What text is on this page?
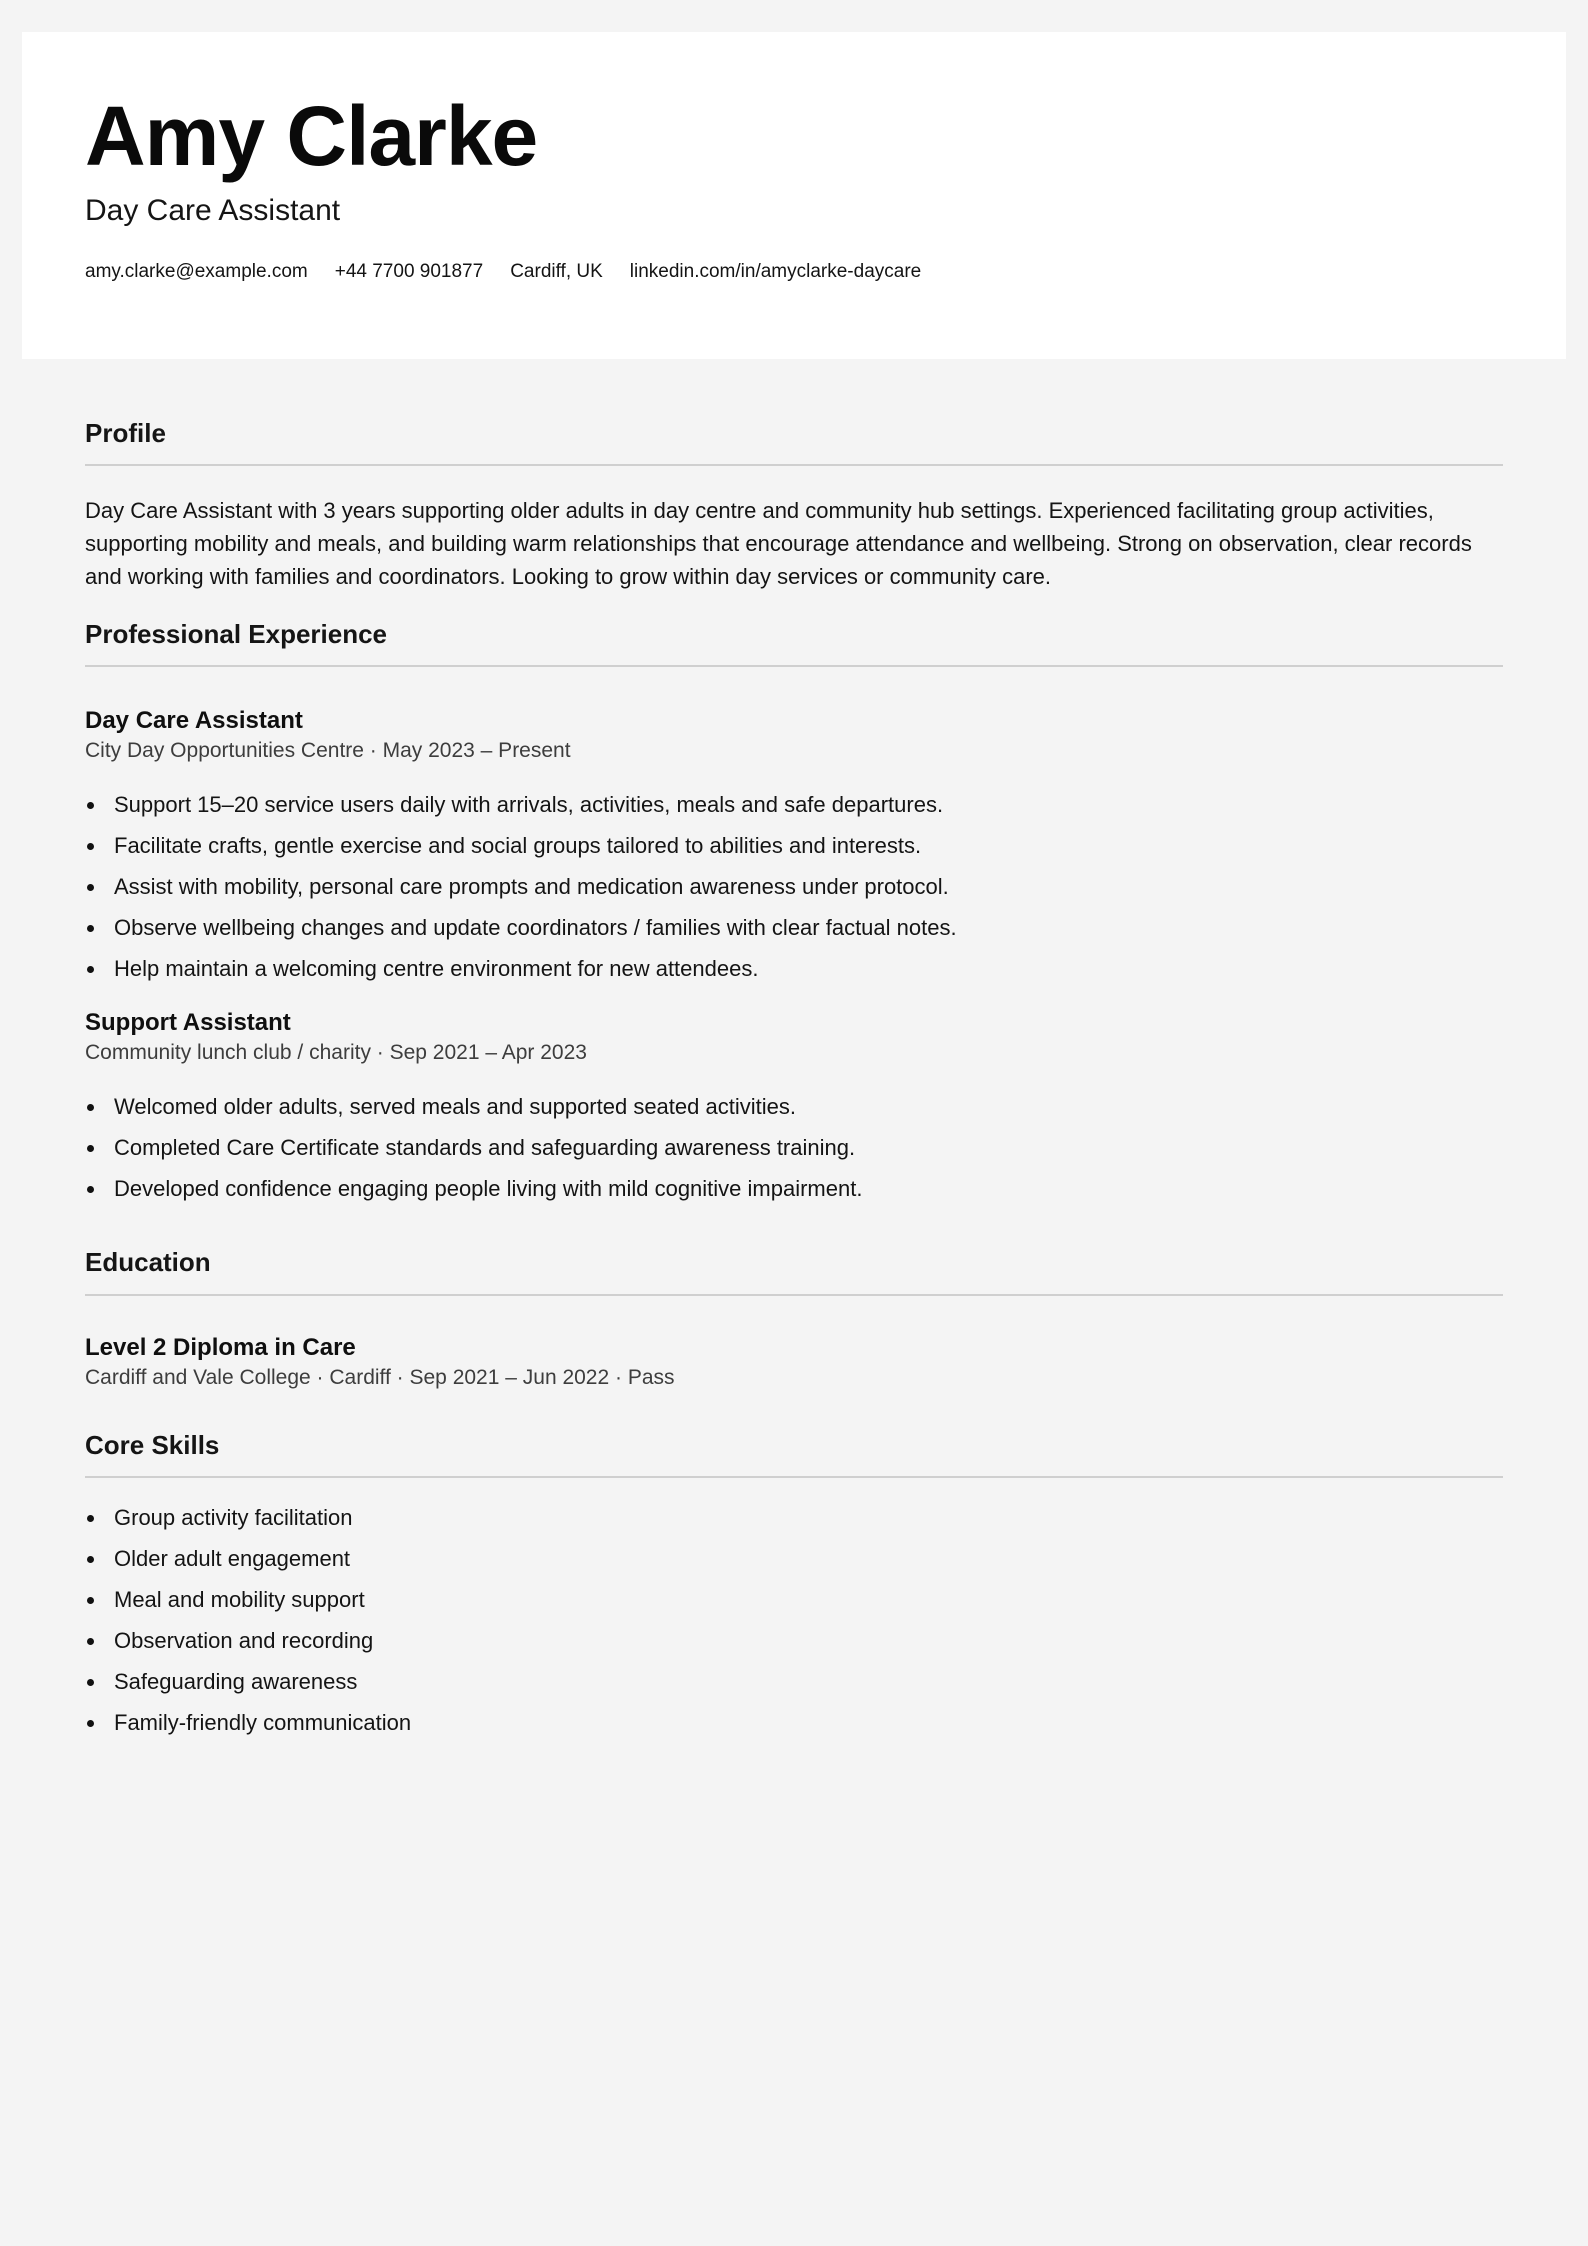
Amy Clarke
Day Care Assistant
amy.clarke@example.com +44 7700 901877 Cardiff, UK linkedin.com/in/amyclarke-daycare
Profile

Day Care Assistant with 3 years supporting older adults in day centre and community hub settings. Experienced facilitating group activities, supporting mobility and meals, and building warm relationships that encourage attendance and wellbeing. Strong on observation, clear records and working with families and coordinators. Looking to grow within day services or community care.

Professional Experience
Day Care Assistant
City Day Opportunities Centre · May 2023 – Present
Support 15–20 service users daily with arrivals, activities, meals and safe departures.
Facilitate crafts, gentle exercise and social groups tailored to abilities and interests.
Assist with mobility, personal care prompts and medication awareness under protocol.
Observe wellbeing changes and update coordinators / families with clear factual notes.
Help maintain a welcoming centre environment for new attendees.
Support Assistant
Community lunch club / charity · Sep 2021 – Apr 2023
Welcomed older adults, served meals and supported seated activities.
Completed Care Certificate standards and safeguarding awareness training.
Developed confidence engaging people living with mild cognitive impairment.
Education
Level 2 Diploma in Care
Cardiff and Vale College · Cardiff · Sep 2021 – Jun 2022 · Pass
Core Skills
Group activity facilitation
Older adult engagement
Meal and mobility support
Observation and recording
Safeguarding awareness
Family-friendly communication
